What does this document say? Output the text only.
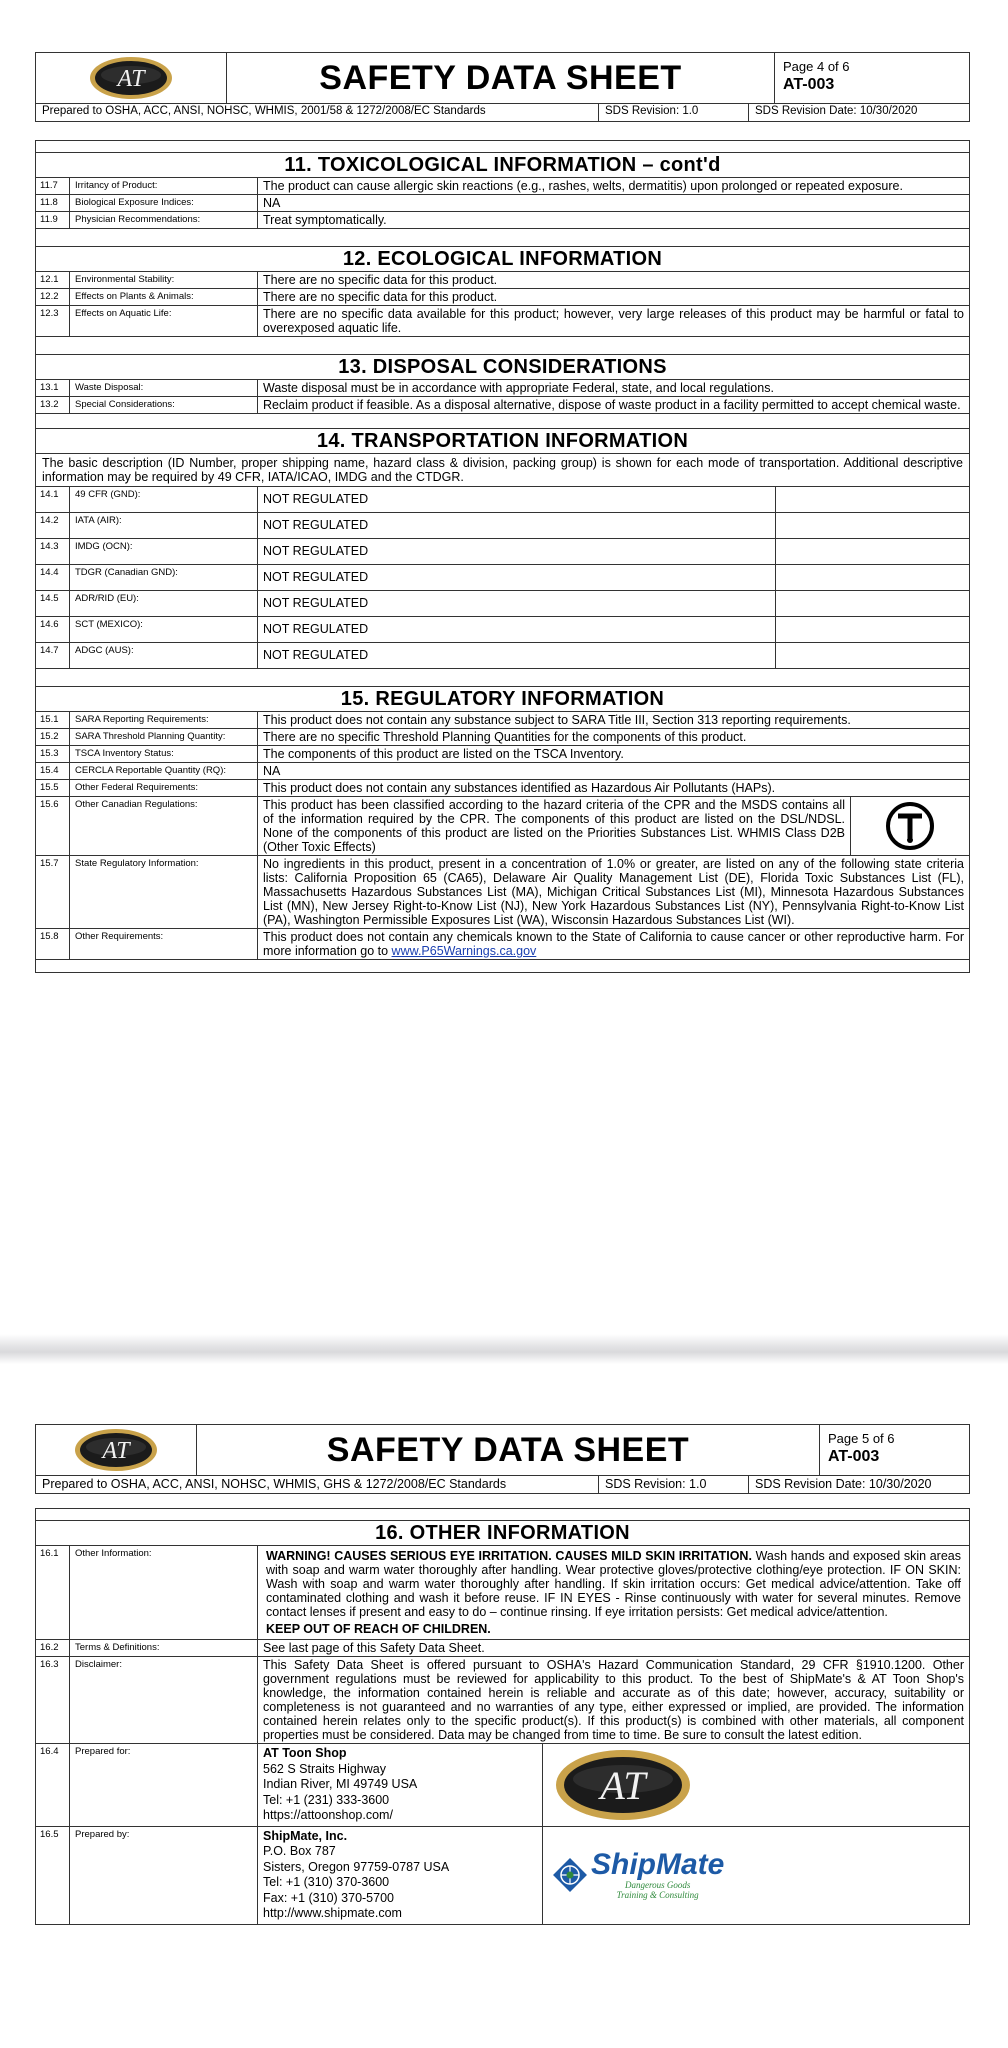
AT	SAFETY DATA SHEET	Page 4 of 6
AT-003
Prepared to OSHA, ACC, ANSI, NOHSC, WHMIS, 2001/58 & 1272/2008/EC Standards	SDS Revision: 1.0	SDS Revision Date: 10/30/2020
11. TOXICOLOGICAL INFORMATION – cont'd
11.7	Irritancy of Product:	The product can cause allergic skin reactions (e.g., rashes, welts, dermatitis) upon prolonged or repeated exposure.
11.8	Biological Exposure Indices:	NA
11.9	Physician Recommendations:	Treat symptomatically.
12. ECOLOGICAL INFORMATION
12.1	Environmental Stability:	There are no specific data for this product.
12.2	Effects on Plants & Animals:	There are no specific data for this product.
12.3	Effects on Aquatic Life:	There are no specific data available for this product; however, very large releases of this product may be harmful or fatal to overexposed aquatic life.
13. DISPOSAL CONSIDERATIONS
13.1	Waste Disposal:	Waste disposal must be in accordance with appropriate Federal, state, and local regulations.
13.2	Special Considerations:	Reclaim product if feasible. As a disposal alternative, dispose of waste product in a facility permitted to accept chemical waste.
14. TRANSPORTATION INFORMATION
The basic description (ID Number, proper shipping name, hazard class & division, packing group) is shown for each mode of transportation. Additional descriptive information may be required by 49 CFR, IATA/ICAO, IMDG and the CTDGR.
14.1	49 CFR (GND):	NOT REGULATED
14.2	IATA (AIR):	NOT REGULATED
14.3	IMDG (OCN):	NOT REGULATED
14.4	TDGR (Canadian GND):	NOT REGULATED
14.5	ADR/RID (EU):	NOT REGULATED
14.6	SCT (MEXICO):	NOT REGULATED
14.7	ADGC (AUS):	NOT REGULATED
15. REGULATORY INFORMATION
15.1	SARA Reporting Requirements:	This product does not contain any substance subject to SARA Title III, Section 313 reporting requirements.
15.2	SARA Threshold Planning Quantity:	There are no specific Threshold Planning Quantities for the components of this product.
15.3	TSCA Inventory Status:	The components of this product are listed on the TSCA Inventory.
15.4	CERCLA Reportable Quantity (RQ):	NA
15.5	Other Federal Requirements:	This product does not contain any substances identified as Hazardous Air Pollutants (HAPs).
15.6	Other Canadian Regulations:	This product has been classified according to the hazard criteria of the CPR and the MSDS contains all of the information required by the CPR. The components of this product are listed on the DSL/NDSL. None of the components of this product are listed on the Priorities Substances List. WHMIS Class D2B (Other Toxic Effects)
15.7	State Regulatory Information:	No ingredients in this product, present in a concentration of 1.0% or greater, are listed on any of the following state criteria lists: California Proposition 65 (CA65), Delaware Air Quality Management List (DE), Florida Toxic Substances List (FL), Massachusetts Hazardous Substances List (MA), Michigan Critical Substances List (MI), Minnesota Hazardous Substances List (MN), New Jersey Right-to-Know List (NJ), New York Hazardous Substances List (NY), Pennsylvania Right-to-Know List (PA), Washington Permissible Exposures List (WA), Wisconsin Hazardous Substances List (WI).
15.8	Other Requirements:	This product does not contain any chemicals known to the State of California to cause cancer or other reproductive harm. For more information go to www.P65Warnings.ca.gov
AT	SAFETY DATA SHEET	Page 5 of 6
AT-003
Prepared to OSHA, ACC, ANSI, NOHSC, WHMIS, GHS & 1272/2008/EC Standards	SDS Revision: 1.0	SDS Revision Date: 10/30/2020
16. OTHER INFORMATION
16.1	Other Information:	WARNING! CAUSES SERIOUS EYE IRRITATION. CAUSES MILD SKIN IRRITATION. Wash hands and exposed skin areas with soap and warm water thoroughly after handling. Wear protective gloves/protective clothing/eye protection. IF ON SKIN: Wash with soap and warm water thoroughly after handling. If skin irritation occurs: Get medical advice/attention. Take off contaminated clothing and wash it before reuse. IF IN EYES - Rinse continuously with water for several minutes. Remove contact lenses if present and easy to do – continue rinsing. If eye irritation persists: Get medical advice/attention.
KEEP OUT OF REACH OF CHILDREN.
16.2	Terms & Definitions:	See last page of this Safety Data Sheet.
16.3	Disclaimer:	This Safety Data Sheet is offered pursuant to OSHA's Hazard Communication Standard, 29 CFR §1910.1200. Other government regulations must be reviewed for applicability to this product. To the best of ShipMate's & AT Toon Shop's knowledge, the information contained herein is reliable and accurate as of this date; however, accuracy, suitability or completeness is not guaranteed and no warranties of any type, either expressed or implied, are provided. The information contained herein relates only to the specific product(s). If this product(s) is combined with other materials, all component properties must be considered. Data may be changed from time to time. Be sure to consult the latest edition.
16.4	Prepared for:	AT Toon Shop
562 S Straits Highway
Indian River, MI 49749 USA
Tel: +1 (231) 333-3600
https://attoonshop.com/
AT
16.5	Prepared by:	ShipMate, Inc.
P.O. Box 787
Sisters, Oregon 97759-0787 USA
Tel: +1 (310) 370-3600
Fax: +1 (310) 370-5700
http://www.shipmate.com
ShipMate
Dangerous Goods
Training & Consulting
